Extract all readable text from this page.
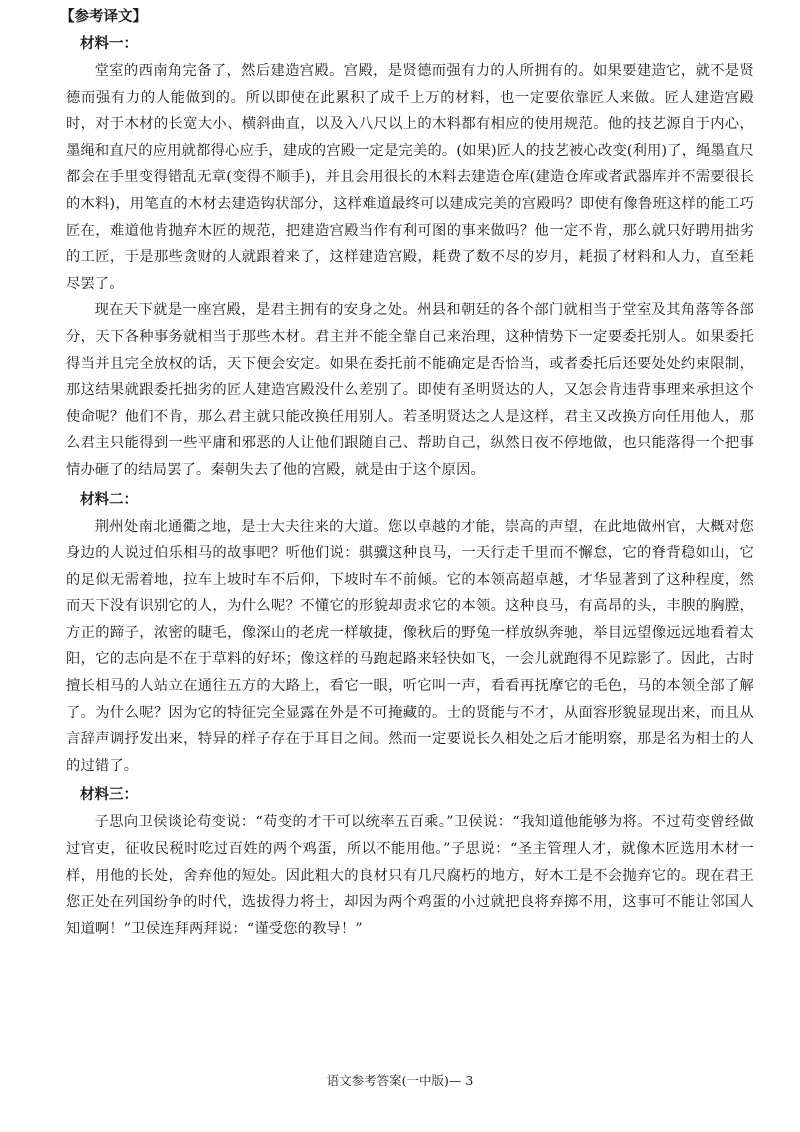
【参考译文】
材料一：

堂室的西南角完备了，然后建造宫殿。宫殿，是贤德而强有力的人所拥有的。如果要建造它，就不是贤德而强有力的人能做到的。所以即使在此累积了成千上万的材料，也一定要依靠匠人来做。匠人建造宫殿时，对于木材的长宽大小、横斜曲直，以及入八尺以上的木料都有相应的使用规范。他的技艺源自于内心，墨绳和直尺的应用就都得心应手，建成的宫殿一定是完美的。(如果)匠人的技艺被心改变(利用)了，绳墨直尺都会在手里变得错乱无章(变得不顺手)，并且会用很长的木料去建造仓库(建造仓库或者武器库并不需要很长的木料)，用笔直的木材去建造钩状部分，这样难道最终可以建成完美的宫殿吗？即使有像鲁班这样的能工巧匠在，难道他肯抛弃木匠的规范，把建造宫殿当作有利可图的事来做吗？他一定不肯，那么就只好聘用拙劣的工匠，于是那些贪财的人就跟着来了，这样建造宫殿，耗费了数不尽的岁月，耗损了材料和人力，直至耗尽罢了。

现在天下就是一座宫殿，是君主拥有的安身之处。州县和朝廷的各个部门就相当于堂室及其角落等各部分，天下各种事务就相当于那些木材。君主并不能全靠自己来治理，这种情势下一定要委托别人。如果委托得当并且完全放权的话，天下便会安定。如果在委托前不能确定是否恰当，或者委托后还要处处约束限制，那这结果就跟委托拙劣的匠人建造宫殿没什么差别了。即使有圣明贤达的人，又怎会肯违背事理来承担这个使命呢？他们不肯，那么君主就只能改换任用别人。若圣明贤达之人是这样，君主又改换方向任用他人，那么君主只能得到一些平庸和邪恶的人让他们跟随自己、帮助自己，纵然日夜不停地做，也只能落得一个把事情办砸了的结局罢了。秦朝失去了他的宫殿，就是由于这个原因。

材料二：

荆州处南北通衢之地，是士大夫往来的大道。您以卓越的才能，崇高的声望，在此地做州官，大概对您身边的人说过伯乐相马的故事吧？听他们说：骐骥这种良马，一天行走千里而不懈怠，它的脊背稳如山，它的足似无需着地，拉车上坡时车不后仰，下坡时车不前倾。它的本领高超卓越，才华显著到了这种程度，然而天下没有识别它的人，为什么呢？不懂它的形貌却责求它的本领。这种良马，有高昂的头，丰腴的胸膛，方正的蹄子，浓密的睫毛，像深山的老虎一样敏捷，像秋后的野兔一样放纵奔驰，举目远望像远远地看着太阳，它的志向是不在于草料的好坏；像这样的马跑起路来轻快如飞，一会儿就跑得不见踪影了。因此，古时擅长相马的人站立在通往五方的大路上，看它一眼，听它叫一声，看看再抚摩它的毛色，马的本领全部了解了。为什么呢？因为它的特征完全显露在外是不可掩藏的。士的贤能与不才，从面容形貌显现出来，而且从言辞声调抒发出来，特异的样子存在于耳目之间。然而一定要说长久相处之后才能明察，那是名为相士的人的过错了。

材料三：

子思向卫侯谈论苟变说：“苟变的才干可以统率五百乘。”卫侯说：“我知道他能够为将。不过苟变曾经做过官吏，征收民税时吃过百姓的两个鸡蛋，所以不能用他。”子思说：“圣主管理人才，就像木匠选用木材一样，用他的长处，舍弃他的短处。因此粗大的良材只有几尺腐朽的地方，好木工是不会抛弃它的。现在君王您正处在列国纷争的时代，选拔得力将士，却因为两个鸡蛋的小过就把良将弃掷不用，这事可不能让邻国人知道啊！”卫侯连拜两拜说：“谨受您的教导！”

语文参考答案(一中版)— 3
